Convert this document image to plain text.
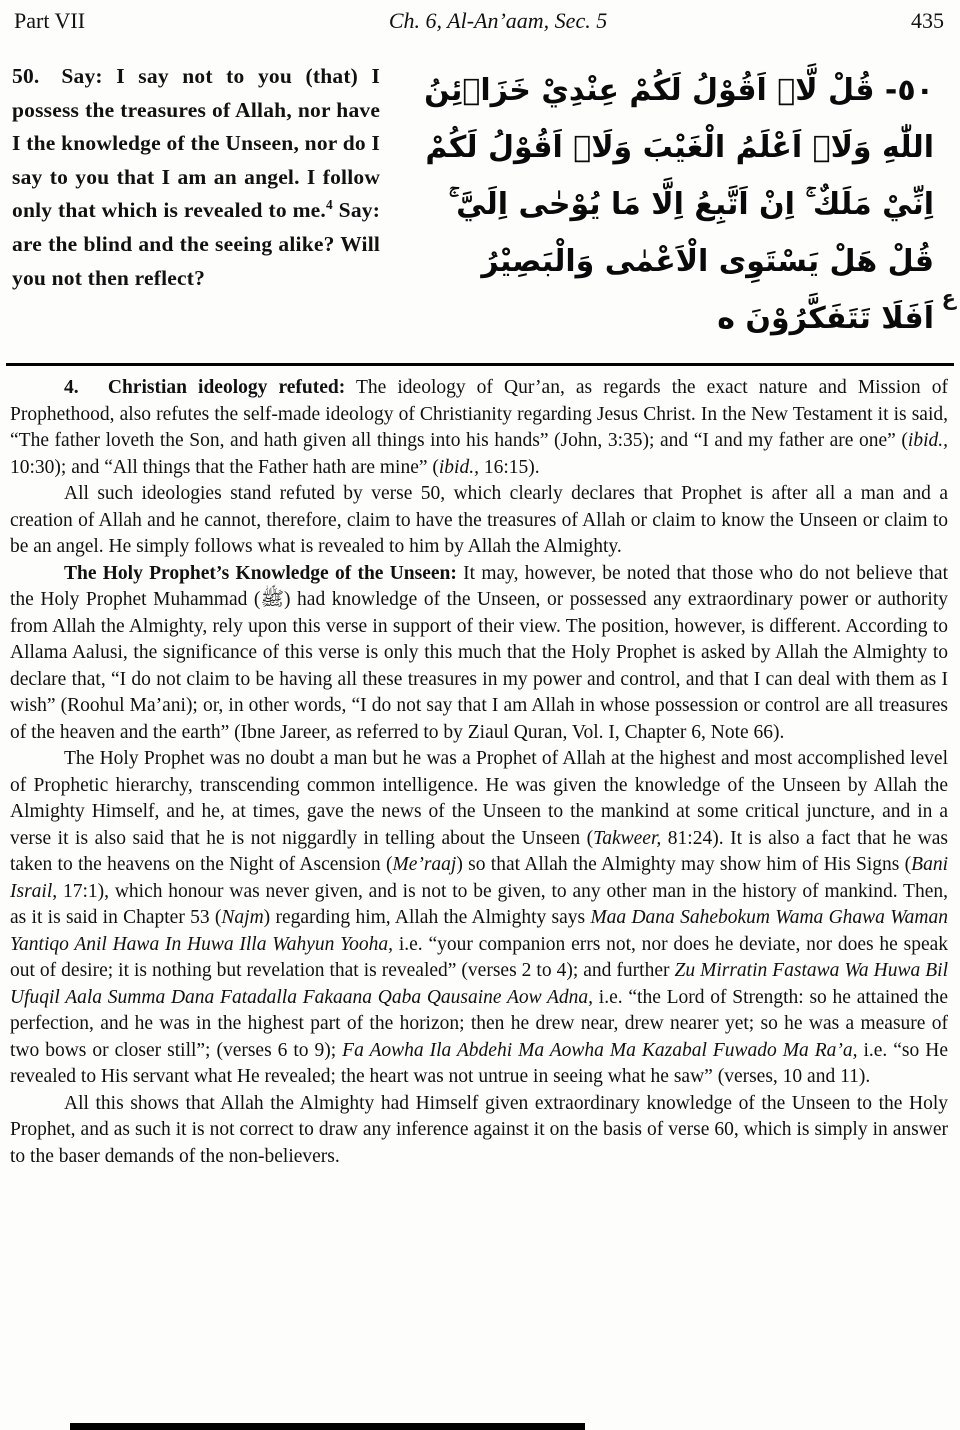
Part VII	Ch. 6, Al-An’aam, Sec. 5	435
50.  Say: I say not to you (that) I possess the treasures of Allah, nor have I the knowledge of the Unseen, nor do I say to you that I am an angel. I follow only that which is revealed to me.$^4$ Say: are the blind and the seeing alike? Will you not then reflect?
٥٠- قُلْ لَّاۤ اَقُوْلُ لَكُمْ عِنْدِيْ خَزَاۤئِنُ
اللّٰهِ وَلَاۤ اَعْلَمُ الْغَيْبَ وَلَاۤ اَقُوْلُ لَكُمْ
اِنِّيْ مَلَكٌ ۚ اِنْ اَتَّبِعُ اِلَّا مَا يُوْحٰى اِلَيَّ ۚ
قُلْ هَلْ يَسْتَوِى الْاَعْمٰى وَالْبَصِيْرُ
اَفَلَا تَتَفَكَّرُوْنَ ە
ع

4.   Christian ideology refuted: The ideology of Qur’an, as regards the exact nature and Mission of Prophethood, also refutes the self-made ideology of Christianity regarding Jesus Christ. In the New Testament it is said, “The father loveth the Son, and hath given all things into his hands” (John, 3:35); and “I and my father are one” (ibid., 10:30); and “All things that the Father hath are mine” (ibid., 16:15).

All such ideologies stand refuted by verse 50, which clearly declares that Prophet is after all a man and a creation of Allah and he cannot, therefore, claim to have the treasures of Allah or claim to know the Unseen or claim to be an angel. He simply follows what is revealed to him by Allah the Almighty.

The Holy Prophet’s Knowledge of the Unseen: It may, however, be noted that those who do not believe that the Holy Prophet Muhammad (ﷺ) had knowledge of the Unseen, or possessed any extraordinary power or authority from Allah the Almighty, rely upon this verse in support of their view. The position, however, is different. According to Allama Aalusi, the significance of this verse is only this much that the Holy Prophet is asked by Allah the Almighty to declare that, “I do not claim to be having all these treasures in my power and control, and that I can deal with them as I wish” (Roohul Ma’ani); or, in other words, “I do not say that I am Allah in whose possession or control are all treasures of the heaven and the earth” (Ibne Jareer, as referred to by Ziaul Quran, Vol. I, Chapter 6, Note 66).

The Holy Prophet was no doubt a man but he was a Prophet of Allah at the highest and most accomplished level of Prophetic hierarchy, transcending common intelligence. He was given the knowledge of the Unseen by Allah the Almighty Himself, and he, at times, gave the news of the Unseen to the mankind at some critical juncture, and in a verse it is also said that he is not niggardly in telling about the Unseen (Takweer, 81:24). It is also a fact that he was taken to the heavens on the Night of Ascension (Me’raaj) so that Allah the Almighty may show him of His Signs (Bani Israil, 17:1), which honour was never given, and is not to be given, to any other man in the history of mankind. Then, as it is said in Chapter 53 (Najm) regarding him, Allah the Almighty says Maa Dana Sahebokum Wama Ghawa Waman Yantiqo Anil Hawa In Huwa Illa Wahyun Yooha, i.e. “your companion errs not, nor does he deviate, nor does he speak out of desire; it is nothing but revelation that is revealed” (verses 2 to 4); and further Zu Mirratin Fastawa Wa Huwa Bil Ufuqil Aala Summa Dana Fatadalla Fakaana Qaba Qausaine Aow Adna, i.e. “the Lord of Strength: so he attained the perfection, and he was in the highest part of the horizon; then he drew near, drew nearer yet; so he was a measure of two bows or closer still”; (verses 6 to 9); Fa Aowha Ila Abdehi Ma Aowha Ma Kazabal Fuwado Ma Ra’a, i.e. “so He revealed to His servant what He revealed; the heart was not untrue in seeing what he saw” (verses, 10 and 11).

All this shows that Allah the Almighty had Himself given extraordinary knowledge of the Unseen to the Holy Prophet, and as such it is not correct to draw any inference against it on the basis of verse 60, which is simply in answer to the baser demands of the non-believers.
